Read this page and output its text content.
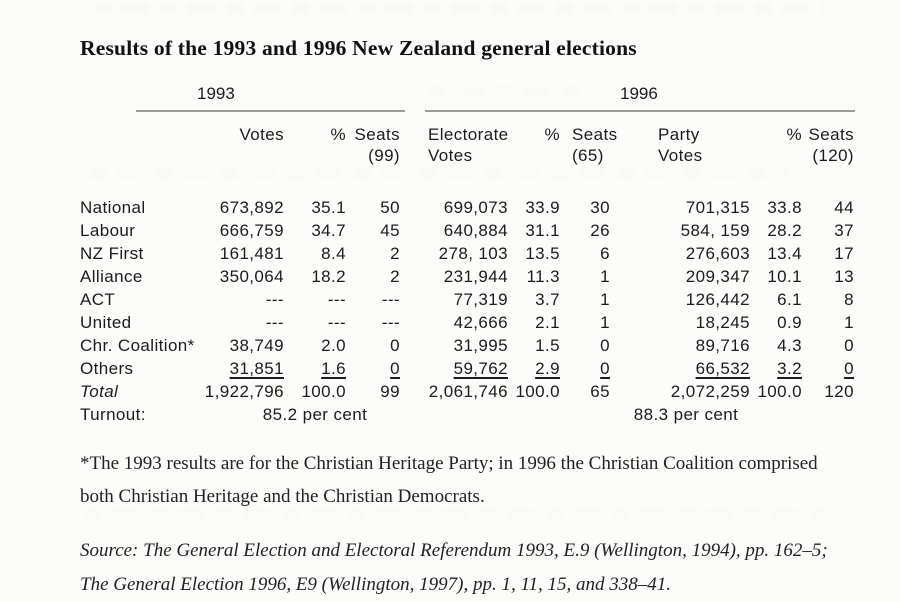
Results of the 1993 and 1996 New Zealand general elections
1993	1996
Votes	% Seats
(99)
Electorate
Votes
% Seats
(65)
Party
Votes
% Seats
(120)
National	673,892	35.1	50	699,073	33.9	30	701,315	33.8	44
Labour	666,759	34.7	45	640,884	31.1	26	584, 159	28.2	37
NZ First	161,481	8.4	2	278, 103	13.5	6	276,603	13.4	17
Alliance	350,064	18.2	2	231,944	11.3	1	209,347	10.1	13
ACT	---	---	---	77,319	3.7	1	126,442	6.1	8
United	---	---	---	42,666	2.1	1	18,245	0.9	1
Chr. Coalition*	38,749	2.0	0	31,995	1.5	0	89,716	4.3	0
Others	31,851	1.6	0	59,762	2.9	0	66,532	3.2	0
Total	1,922,796	100.0	99	2,061,746 100.0	65	2,072,259 100.0	120
Turnout:	85.2 per cent	88.3 per cent
*The 1993 results are for the Christian Heritage Party; in 1996 the Christian Coalition comprised
both Christian Heritage and the Christian Democrats.
Source: The General Election and Electoral Referendum 1993, E.9 (Wellington, 1994), pp. 162–5;
The General Election 1996, E9 (Wellington, 1997), pp. 1, 11, 15, and 338–41.
